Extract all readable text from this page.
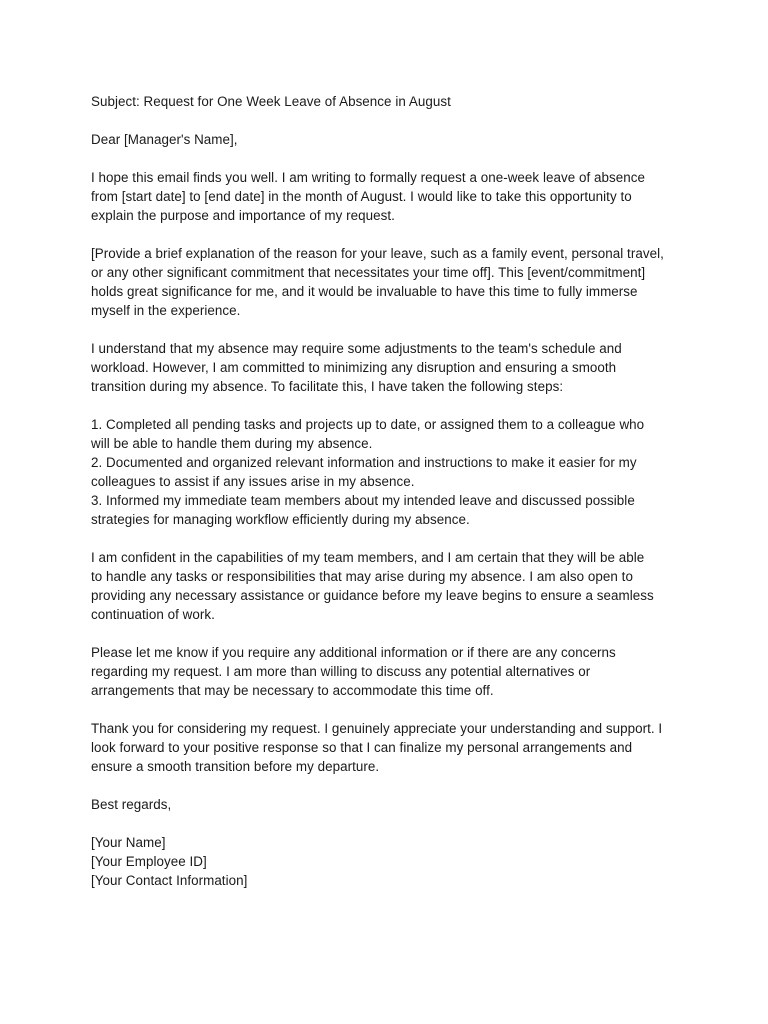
Subject: Request for One Week Leave of Absence in August
Dear [Manager's Name],
I hope this email finds you well. I am writing to formally request a one-week leave of absence
from [start date] to [end date] in the month of August. I would like to take this opportunity to
explain the purpose and importance of my request.
[Provide a brief explanation of the reason for your leave, such as a family event, personal travel,
or any other significant commitment that necessitates your time off]. This [event/commitment]
holds great significance for me, and it would be invaluable to have this time to fully immerse
myself in the experience.
I understand that my absence may require some adjustments to the team's schedule and
workload. However, I am committed to minimizing any disruption and ensuring a smooth
transition during my absence. To facilitate this, I have taken the following steps:
1. Completed all pending tasks and projects up to date, or assigned them to a colleague who
will be able to handle them during my absence.
2. Documented and organized relevant information and instructions to make it easier for my
colleagues to assist if any issues arise in my absence.
3. Informed my immediate team members about my intended leave and discussed possible
strategies for managing workflow efficiently during my absence.
I am confident in the capabilities of my team members, and I am certain that they will be able
to handle any tasks or responsibilities that may arise during my absence. I am also open to
providing any necessary assistance or guidance before my leave begins to ensure a seamless
continuation of work.
Please let me know if you require any additional information or if there are any concerns
regarding my request. I am more than willing to discuss any potential alternatives or
arrangements that may be necessary to accommodate this time off.
Thank you for considering my request. I genuinely appreciate your understanding and support. I
look forward to your positive response so that I can finalize my personal arrangements and
ensure a smooth transition before my departure.
Best regards,
[Your Name]
[Your Employee ID]
[Your Contact Information]
